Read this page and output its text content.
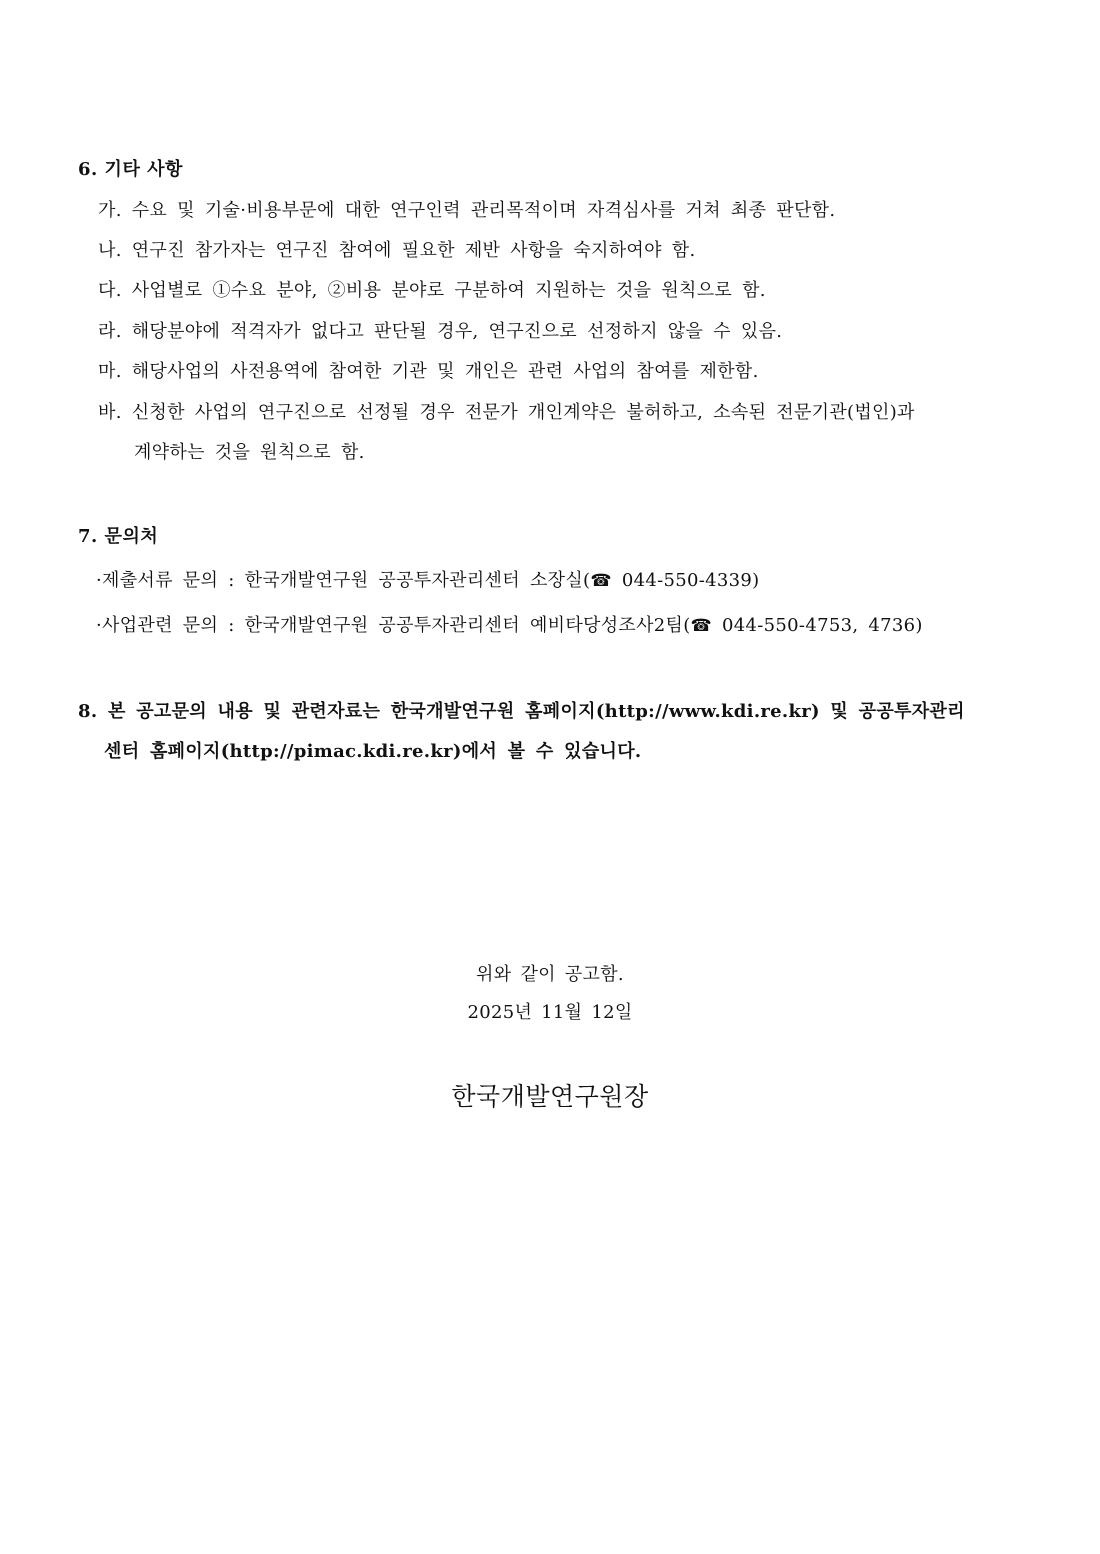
6. 기타 사항
가. 수요 및 기술·비용부문에 대한 연구인력 관리목적이며 자격심사를 거쳐 최종 판단함.
나. 연구진 참가자는 연구진 참여에 필요한 제반 사항을 숙지하여야 함.
다. 사업별로 ①수요 분야, ②비용 분야로 구분하여 지원하는 것을 원칙으로 함.
라. 해당분야에 적격자가 없다고 판단될 경우, 연구진으로 선정하지 않을 수 있음.
마. 해당사업의 사전용역에 참여한 기관 및 개인은 관련 사업의 참여를 제한함.
바. 신청한 사업의 연구진으로 선정될 경우 전문가 개인계약은 불허하고, 소속된 전문기관(법인)과
계약하는 것을 원칙으로 함.
7. 문의처
·제출서류 문의 : 한국개발연구원 공공투자관리센터 소장실(☎ 044-550-4339)
·사업관련 문의 : 한국개발연구원 공공투자관리센터 예비타당성조사2팀(☎ 044-550-4753, 4736)
8. 본 공고문의 내용 및 관련자료는 한국개발연구원 홈페이지(http://www.kdi.re.kr) 및 공공투자관리
센터 홈페이지(http://pimac.kdi.re.kr)에서 볼 수 있습니다.
위와 같이 공고함.
2025년 11월 12일
한국개발연구원장
